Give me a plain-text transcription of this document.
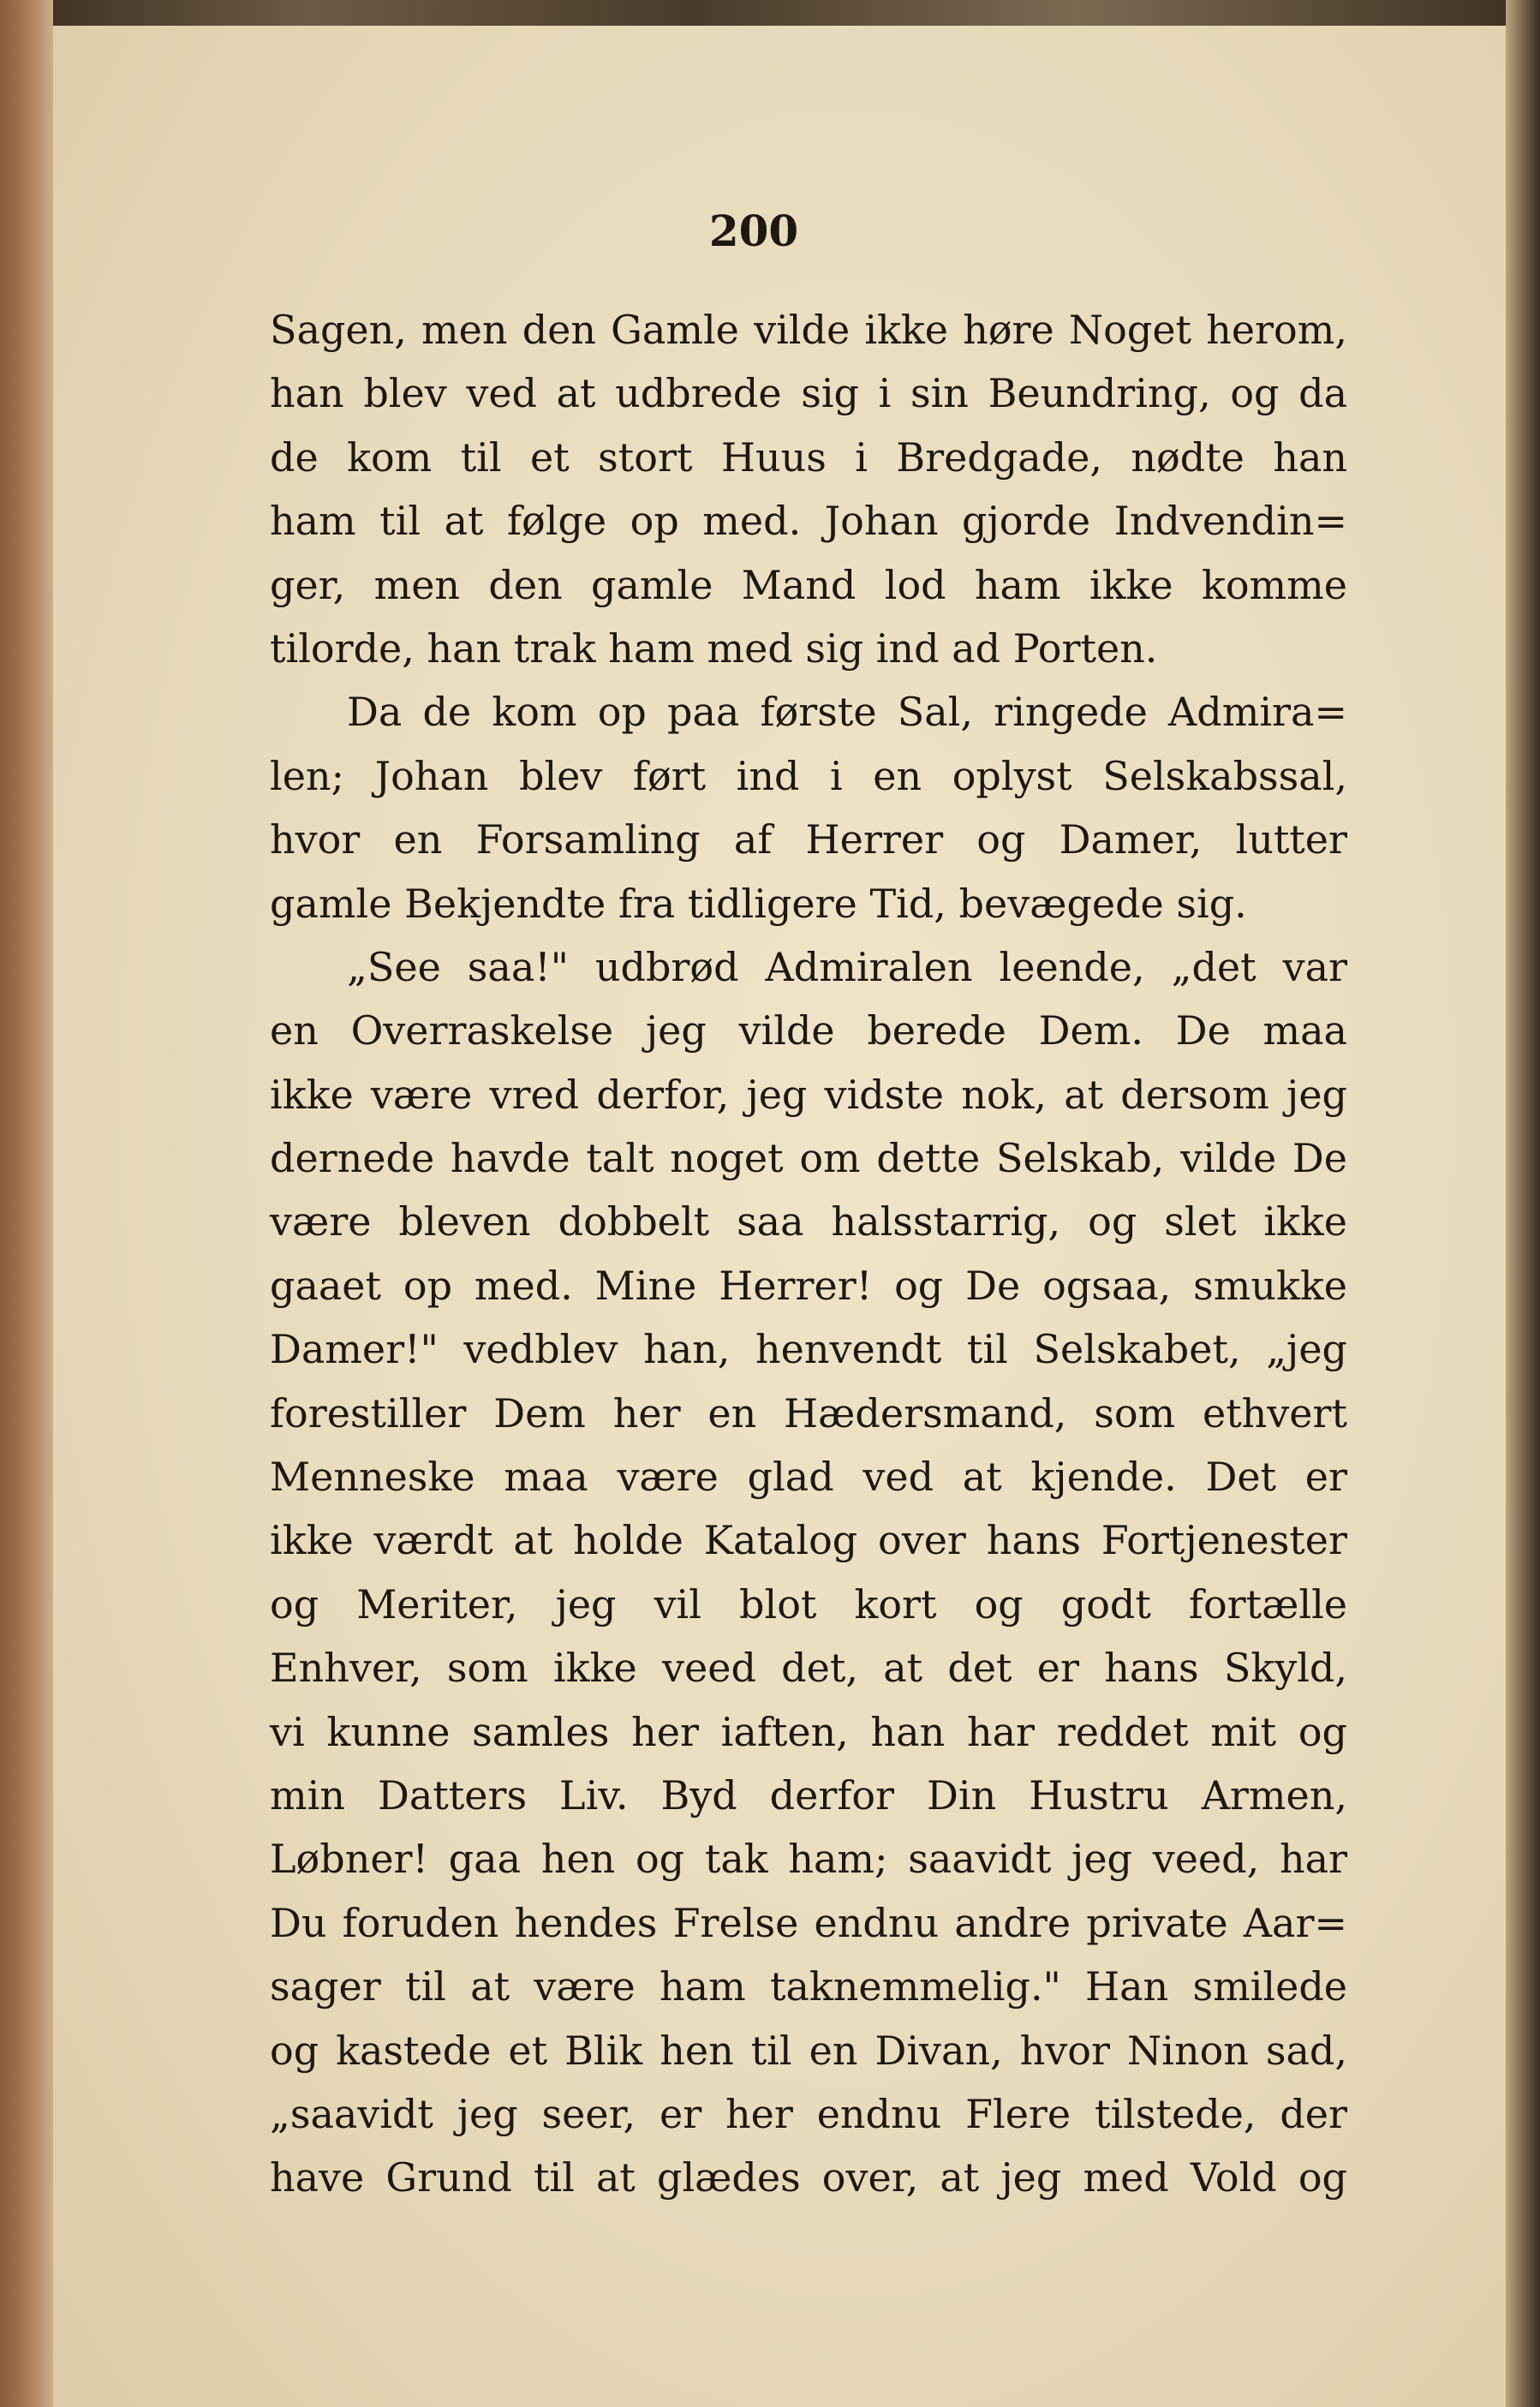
200

Sagen, men den Gamle vilde ikke høre Noget herom,
han blev ved at udbrede sig i sin Beundring, og da
de kom til et stort Huus i Bredgade, nødte han
ham til at følge op med. Johan gjorde Indvendin=
ger, men den gamle Mand lod ham ikke komme
tilorde, han trak ham med sig ind ad Porten.
Da de kom op paa første Sal, ringede Admira=
len; Johan blev ført ind i en oplyst Selskabssal,
hvor en Forsamling af Herrer og Damer, lutter
gamle Bekjendte fra tidligere Tid, bevægede sig.
„See saa!" udbrød Admiralen leende, „det var
en Overraskelse jeg vilde berede Dem. De maa
ikke være vred derfor, jeg vidste nok, at dersom jeg
dernede havde talt noget om dette Selskab, vilde De
være bleven dobbelt saa halsstarrig, og slet ikke
gaaet op med. Mine Herrer! og De ogsaa, smukke
Damer!" vedblev han, henvendt til Selskabet, „jeg
forestiller Dem her en Hædersmand, som ethvert
Menneske maa være glad ved at kjende. Det er
ikke værdt at holde Katalog over hans Fortjenester
og Meriter, jeg vil blot kort og godt fortælle
Enhver, som ikke veed det, at det er hans Skyld,
vi kunne samles her iaften, han har reddet mit og
min Datters Liv. Byd derfor Din Hustru Armen,
Løbner! gaa hen og tak ham; saavidt jeg veed, har
Du foruden hendes Frelse endnu andre private Aar=
sager til at være ham taknemmelig." Han smilede
og kastede et Blik hen til en Divan, hvor Ninon sad,
„saavidt jeg seer, er her endnu Flere tilstede, der
have Grund til at glædes over, at jeg med Vold og
